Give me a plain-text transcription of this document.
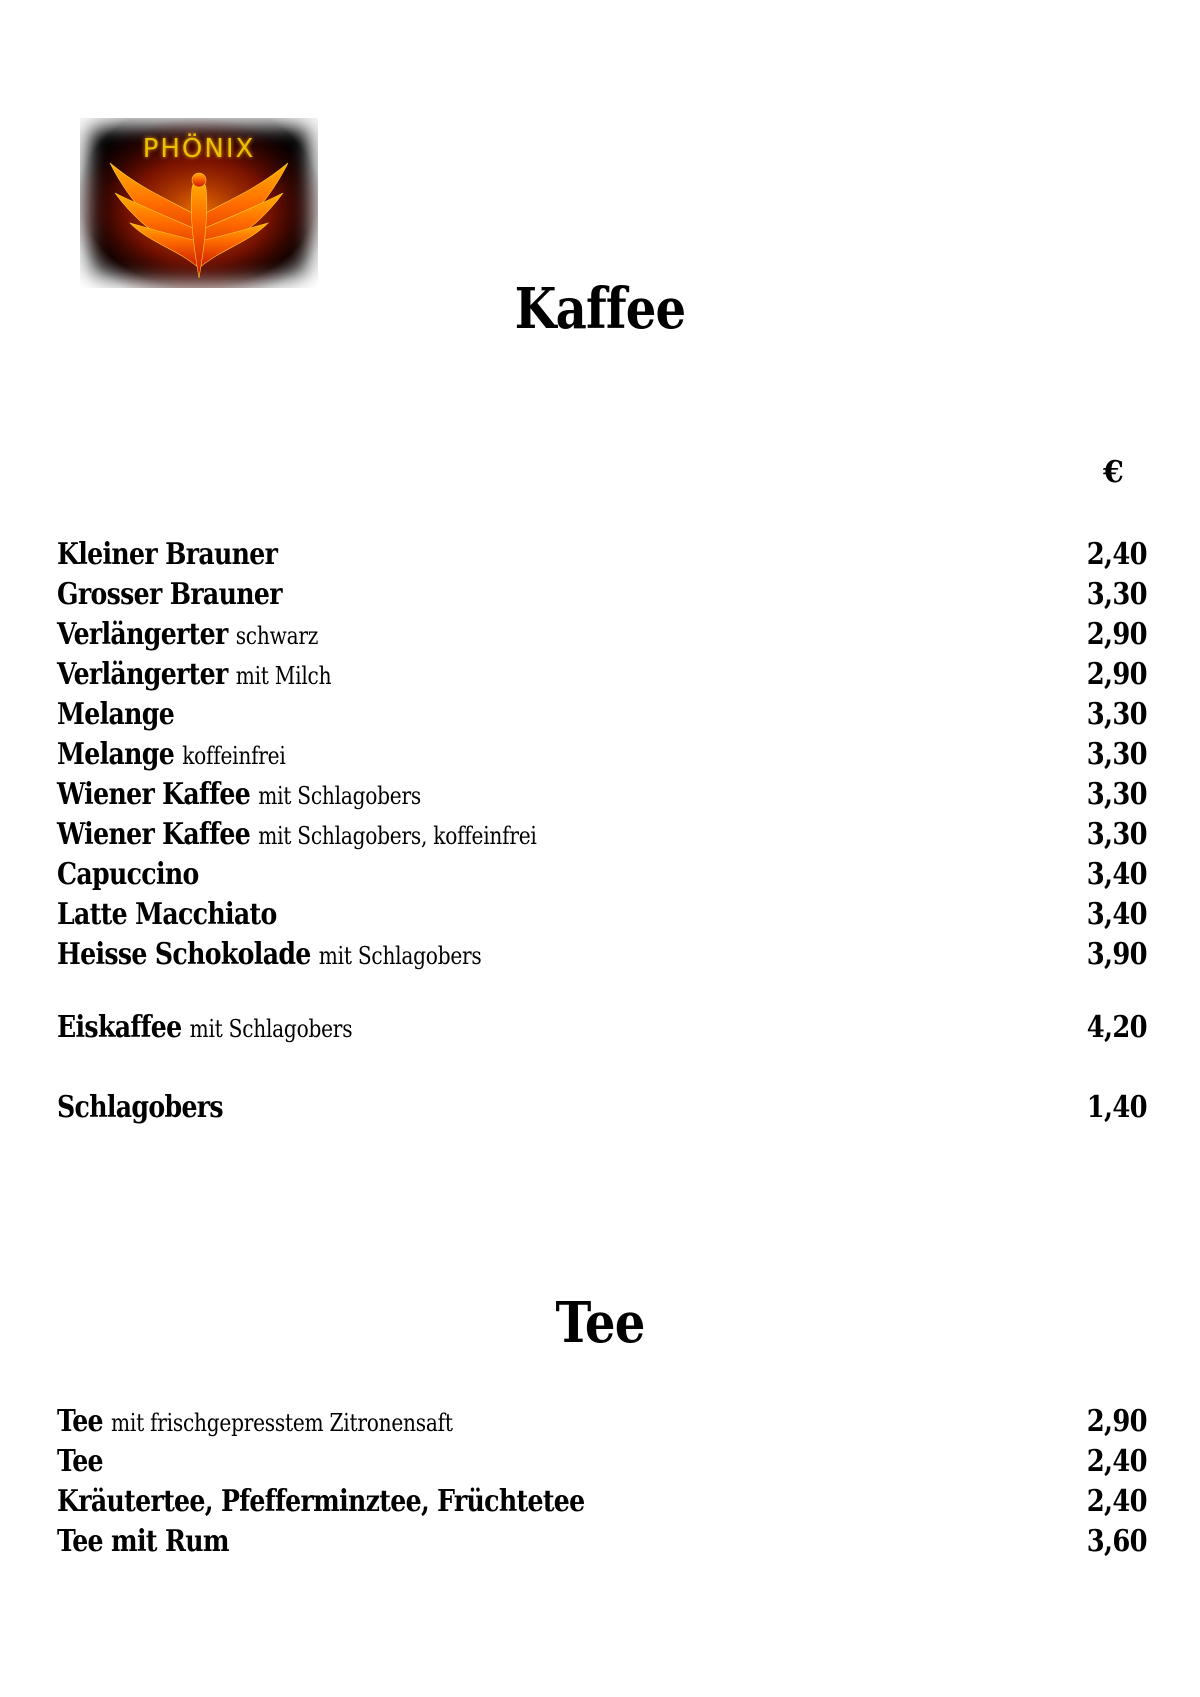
PHÖNIX
Kaffee
€
Kleiner Brauner	2,40
Grosser Brauner	3,30
Verlängerter schwarz	2,90
Verlängerter mit Milch	2,90
Melange	3,30
Melange koffeinfrei	3,30
Wiener Kaffee mit Schlagobers	3,30
Wiener Kaffee mit Schlagobers, koffeinfrei	3,30
Capuccino	3,40
Latte Macchiato	3,40
Heisse Schokolade mit Schlagobers	3,90
Eiskaffee mit Schlagobers	4,20
Schlagobers	1,40
Tee
Tee mit frischgepresstem Zitronensaft	2,90
Tee	2,40
Kräutertee, Pfefferminztee, Früchtetee	2,40
Tee mit Rum	3,60
